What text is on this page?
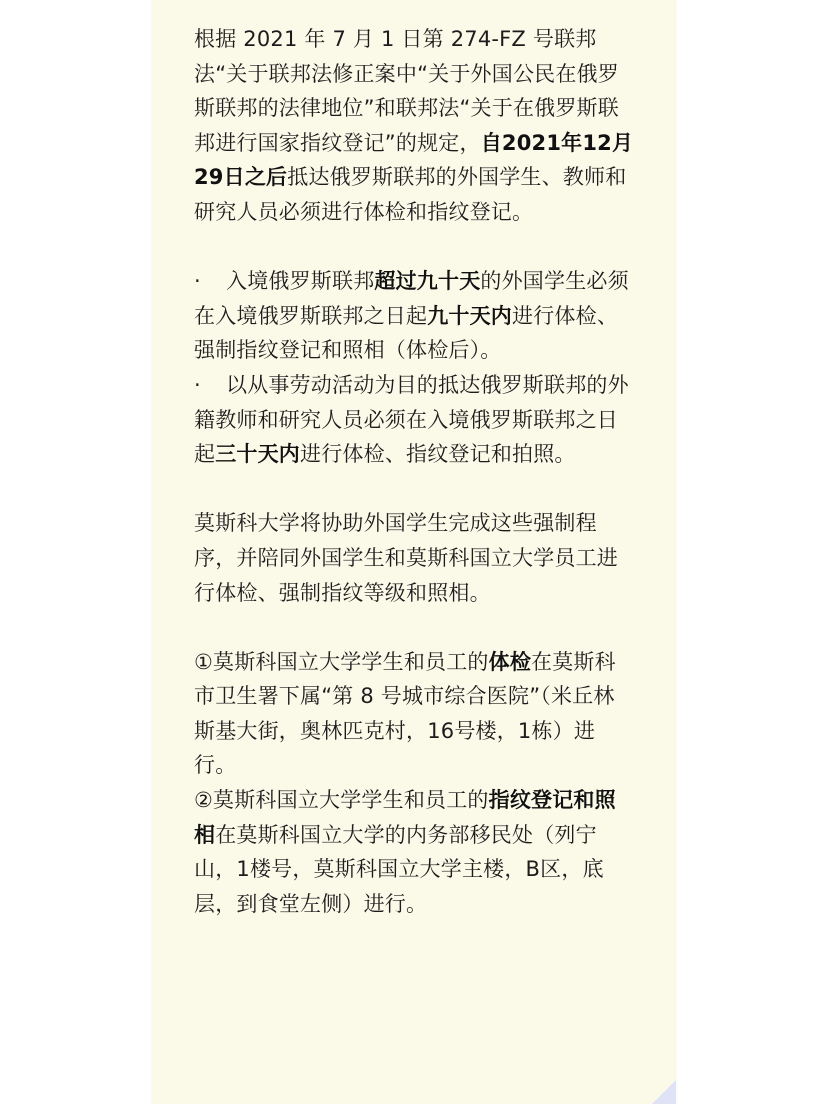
根据 2021 年 7 月 1 日第 274-FZ 号联邦法“关于联邦法修正案中“关于外国公民在俄罗斯联邦的法律地位”和联邦法“关于在俄罗斯联邦进行国家指纹登记”的规定，自2021年12月29日之后抵达俄罗斯联邦的外国学生、教师和研究人员必须进行体检和指纹登记。

· 入境俄罗斯联邦超过九十天的外国学生必须在入境俄罗斯联邦之日起九十天内进行体检、强制指纹登记和照相（体检后）。

· 以从事劳动活动为目的抵达俄罗斯联邦的外籍教师和研究人员必须在入境俄罗斯联邦之日起三十天内进行体检、指纹登记和拍照。

莫斯科大学将协助外国学生完成这些强制程序，并陪同外国学生和莫斯科国立大学员工进行体检、强制指纹等级和照相。

①莫斯科国立大学学生和员工的体检在莫斯科市卫生署下属“第 8 号城市综合医院”（米丘林斯基大街，奥林匹克村，16号楼，1栋）进行。

②莫斯科国立大学学生和员工的指纹登记和照相在莫斯科国立大学的内务部移民处（列宁山，1楼号，莫斯科国立大学主楼，B区，底层，到食堂左侧）进行。
